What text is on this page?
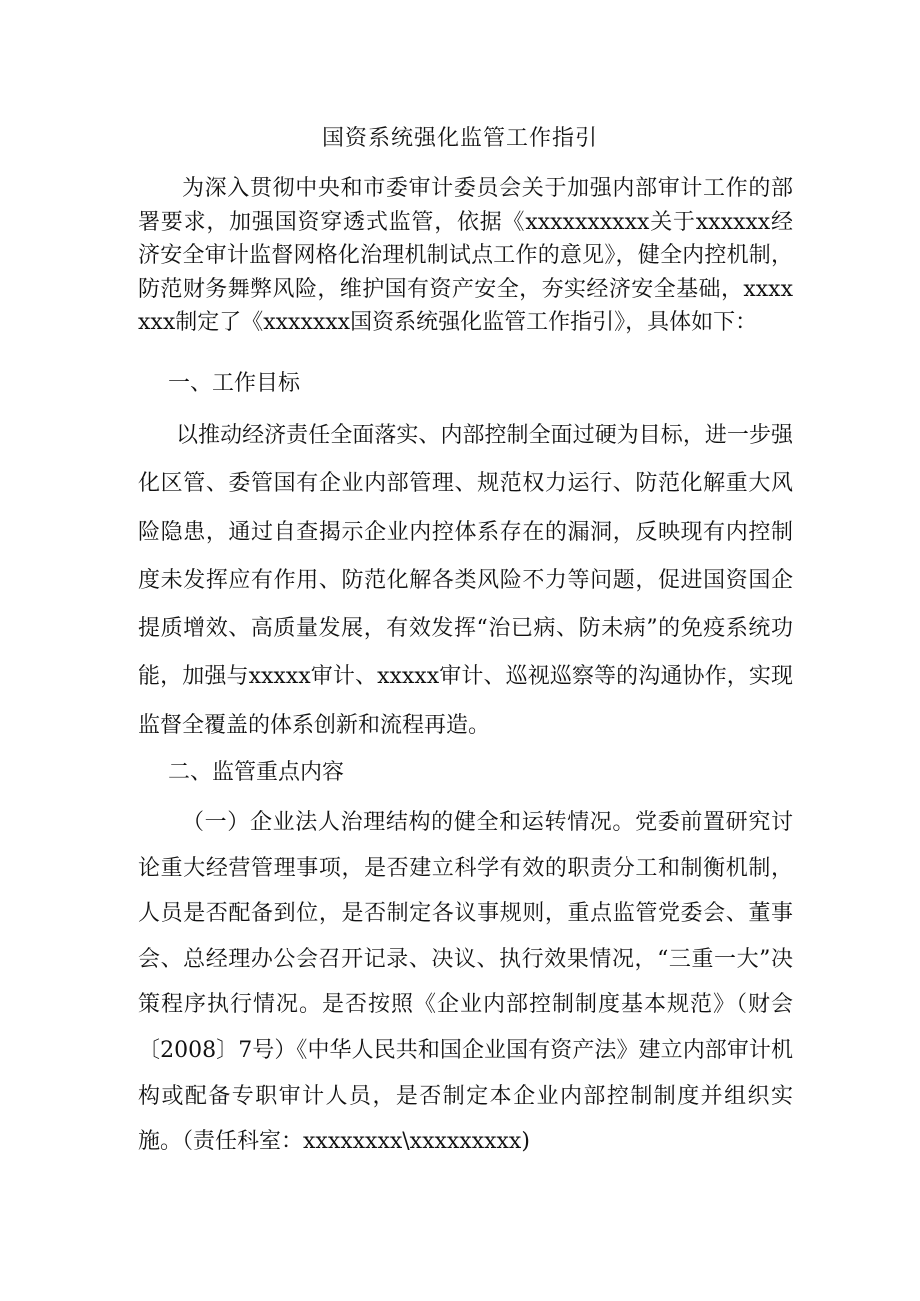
国资系统强化监管工作指引

为深入贯彻中央和市委审计委员会关于加强内部审计工作的部署要求，加强国资穿透式监管，依据《xxxxxxxxxx关于xxxxxx经济安全审计监督网格化治理机制试点工作的意见》，健全内控机制，防范财务舞弊风险，维护国有资产安全，夯实经济安全基础，xxxxxxx制定了《xxxxxxx国资系统强化监管工作指引》，具体如下：

一、工作目标

以推动经济责任全面落实、内部控制全面过硬为目标，进一步强化区管、委管国有企业内部管理、规范权力运行、防范化解重大风险隐患，通过自查揭示企业内控体系存在的漏洞，反映现有内控制度未发挥应有作用、防范化解各类风险不力等问题，促进国资国企提质增效、高质量发展，有效发挥“治已病、防未病”的免疫系统功能，加强与xxxxx审计、xxxxx审计、巡视巡察等的沟通协作，实现监督全覆盖的体系创新和流程再造。

二、监管重点内容

（一）企业法人治理结构的健全和运转情况。党委前置研究讨论重大经营管理事项，是否建立科学有效的职责分工和制衡机制，人员是否配备到位，是否制定各议事规则，重点监管党委会、董事会、总经理办公会召开记录、决议、执行效果情况，“三重一大”决策程序执行情况。是否按照《企业内部控制制度基本规范》（财会〔2008〕7号）《中华人民共和国企业国有资产法》建立内部审计机构或配备专职审计人员，是否制定本企业内部控制制度并组织实施。（责任科室：xxxxxxxx\xxxxxxxxx)
